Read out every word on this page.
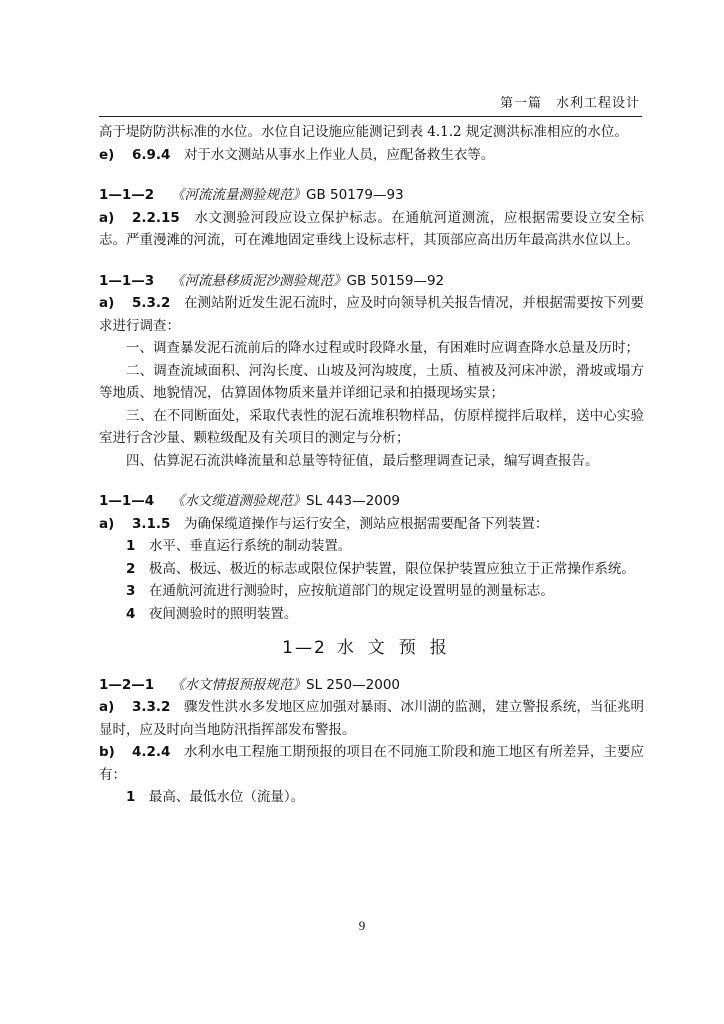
第一篇　水利工程设计

高于堤防防洪标准的水位。水位自记设施应能测记到表 4.1.2 规定测洪标准相应的水位。

e) 6.9.4　 对于水文测站从事水上作业人员，应配备救生衣等。

1—1—2 《河流流量测验规范》GB 50179—93

a) 2.2.15　 水文测验河段应设立保护标志。在通航河道测流，应根据需要设立安全标志。严重漫滩的河流，可在滩地固定垂线上设标志杆，其顶部应高出历年最高洪水位以上。

1—1—3 《河流悬移质泥沙测验规范》GB 50159—92

a) 5.3.2　 在测站附近发生泥石流时，应及时向领导机关报告情况，并根据需要按下列要求进行调查：

一、调查暴发泥石流前后的降水过程或时段降水量，有困难时应调查降水总量及历时；

二、调查流域面积、河沟长度、山坡及河沟坡度，土质、植被及河床冲淤，滑坡或塌方等地质、地貌情况，估算固体物质来量并详细记录和拍摄现场实景；

三、在不同断面处，采取代表性的泥石流堆积物样品，仿原样搅拌后取样，送中心实验室进行含沙量、颗粒级配及有关项目的测定与分析；

四、估算泥石流洪峰流量和总量等特征值，最后整理调查记录，编写调查报告。

1—1—4 《水文缆道测验规范》SL 443—2009

a) 3.1.5　 为确保缆道操作与运行安全，测站应根据需要配备下列装置：

1　 水平、垂直运行系统的制动装置。

2　 极高、极远、极近的标志或限位保护装置，限位保护装置应独立于正常操作系统。

3　 在通航河流进行测验时，应按航道部门的规定设置明显的测量标志。

4　 夜间测验时的照明装置。

1—2 水文预报

1—2—1 《水文情报预报规范》SL 250—2000

a) 3.3.2　 骤发性洪水多发地区应加强对暴雨、冰川湖的监测，建立警报系统，当征兆明显时，应及时向当地防汛指挥部发布警报。

b) 4.2.4　 水利水电工程施工期预报的项目在不同施工阶段和施工地区有所差异，主要应有：

1　 最高、最低水位（流量）。

9
